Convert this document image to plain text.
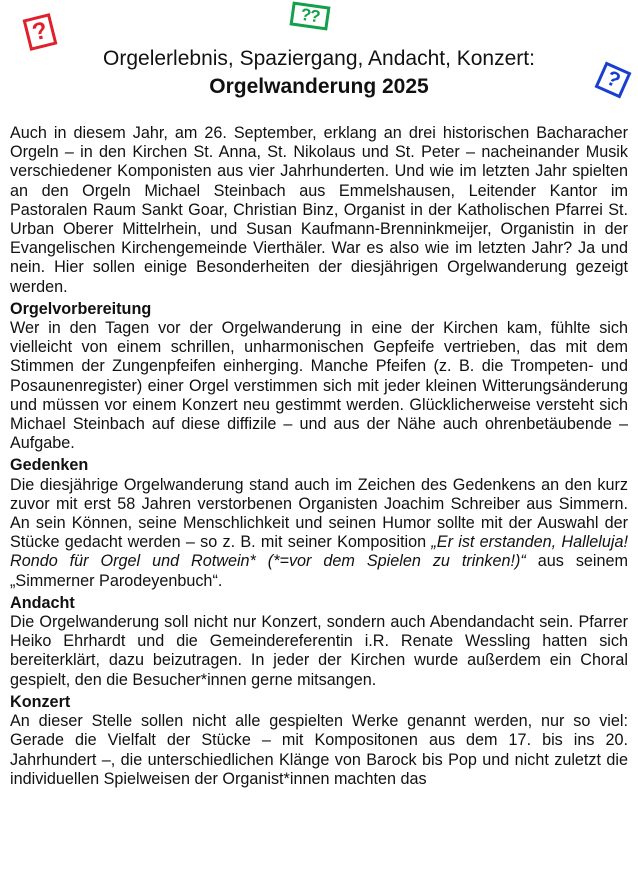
?
??
?
Orgelerlebnis, Spaziergang, Andacht, Konzert:
Orgelwanderung 2025

Auch in diesem Jahr, am 26. September, erklang an drei historischen Bacharacher Orgeln – in den Kirchen St. Anna, St. Nikolaus und St. Peter – nacheinander Musik verschiedener Komponisten aus vier Jahrhunderten. Und wie im letzten Jahr spielten an den Orgeln Michael Steinbach aus Emmelshausen, Leitender Kantor im Pastoralen Raum Sankt Goar, Christian Binz, Organist in der Katholischen Pfarrei St. Urban Oberer Mittelrhein, und Susan Kaufmann-Brenninkmeijer, Organistin in der Evangelischen Kirchengemeinde Vierthäler. War es also wie im letzten Jahr? Ja und nein. Hier sollen einige Besonderheiten der diesjährigen Orgelwanderung gezeigt werden.

Orgelvorbereitung

Wer in den Tagen vor der Orgelwanderung in eine der Kirchen kam, fühlte sich vielleicht von einem schrillen, unharmonischen Gepfeife vertrieben, das mit dem Stimmen der Zungenpfeifen einherging. Manche Pfeifen (z. B. die Trompeten- und Posaunenregister) einer Orgel verstimmen sich mit jeder kleinen Witterungsänderung und müssen vor einem Konzert neu gestimmt werden. Glücklicherweise versteht sich Michael Steinbach auf diese diffizile – und aus der Nähe auch ohrenbetäubende – Aufgabe.

Gedenken

Die diesjährige Orgelwanderung stand auch im Zeichen des Gedenkens an den kurz zuvor mit erst 58 Jahren verstorbenen Organisten Joachim Schreiber aus Simmern. An sein Können, seine Menschlichkeit und seinen Humor sollte mit der Auswahl der Stücke gedacht werden – so z. B. mit seiner Komposition „Er ist erstanden, Halleluja! Rondo für Orgel und Rotwein* (*=vor dem Spielen zu trinken!)“ aus seinem „Simmerner Parodeyenbuch“.

Andacht

Die Orgelwanderung soll nicht nur Konzert, sondern auch Abendandacht sein. Pfarrer Heiko Ehrhardt und die Gemeindereferentin i.R. Renate Wessling hatten sich bereiterklärt, dazu beizutragen. In jeder der Kirchen wurde außerdem ein Choral gespielt, den die Besucher*innen gerne mitsangen.

Konzert

An dieser Stelle sollen nicht alle gespielten Werke genannt werden, nur so viel: Gerade die Vielfalt der Stücke – mit Kompositonen aus dem 17. bis ins 20. Jahrhundert –, die unterschiedlichen Klänge von Barock bis Pop und nicht zuletzt die individuellen Spielweisen der Organist*innen machten das
